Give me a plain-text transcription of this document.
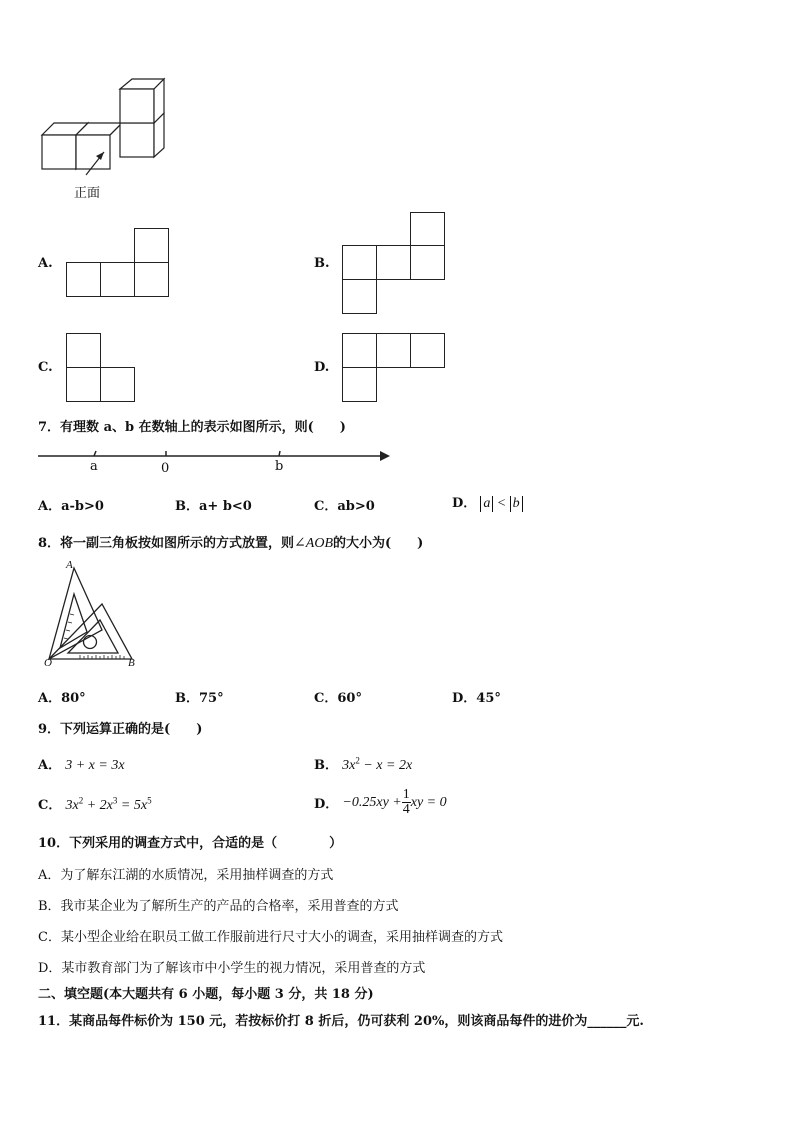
正面
A.	B.
C.	D.
7．有理数 a、b 在数轴上的表示如图所示，则(　　)
a	0	b
A．a-b>0	B．a+ b<0	C．ab>0	D． a < b
8．将一副三角板按如图所示的方式放置，则∠AOB的大小为(　　)
A
O	B
A．80°	B．75°	C．60°	D．45°
9．下列运算正确的是(　　)
A． 3 + x = 3x	B． $3x^2 - x = 2x$
C． $3x^2 + 2x^3 = 5x^5$	D． $-0.25xy + \frac{1}{4}$ xy = 0
10．下列采用的调查方式中，合适的是（　　　　）
A．为了解东江湖的水质情况，采用抽样调查的方式
B．我市某企业为了解所生产的产品的合格率，采用普查的方式
C．某小型企业给在职员工做工作服前进行尺寸大小的调查，采用抽样调查的方式
D．某市教育部门为了解该市中小学生的视力情况，采用普查的方式
二、填空题(本大题共有 6 小题，每小题 3 分，共 18 分)
11．某商品每件标价为 150 元，若按标价打 8 折后，仍可获利 20%，则该商品每件的进价为______元.
